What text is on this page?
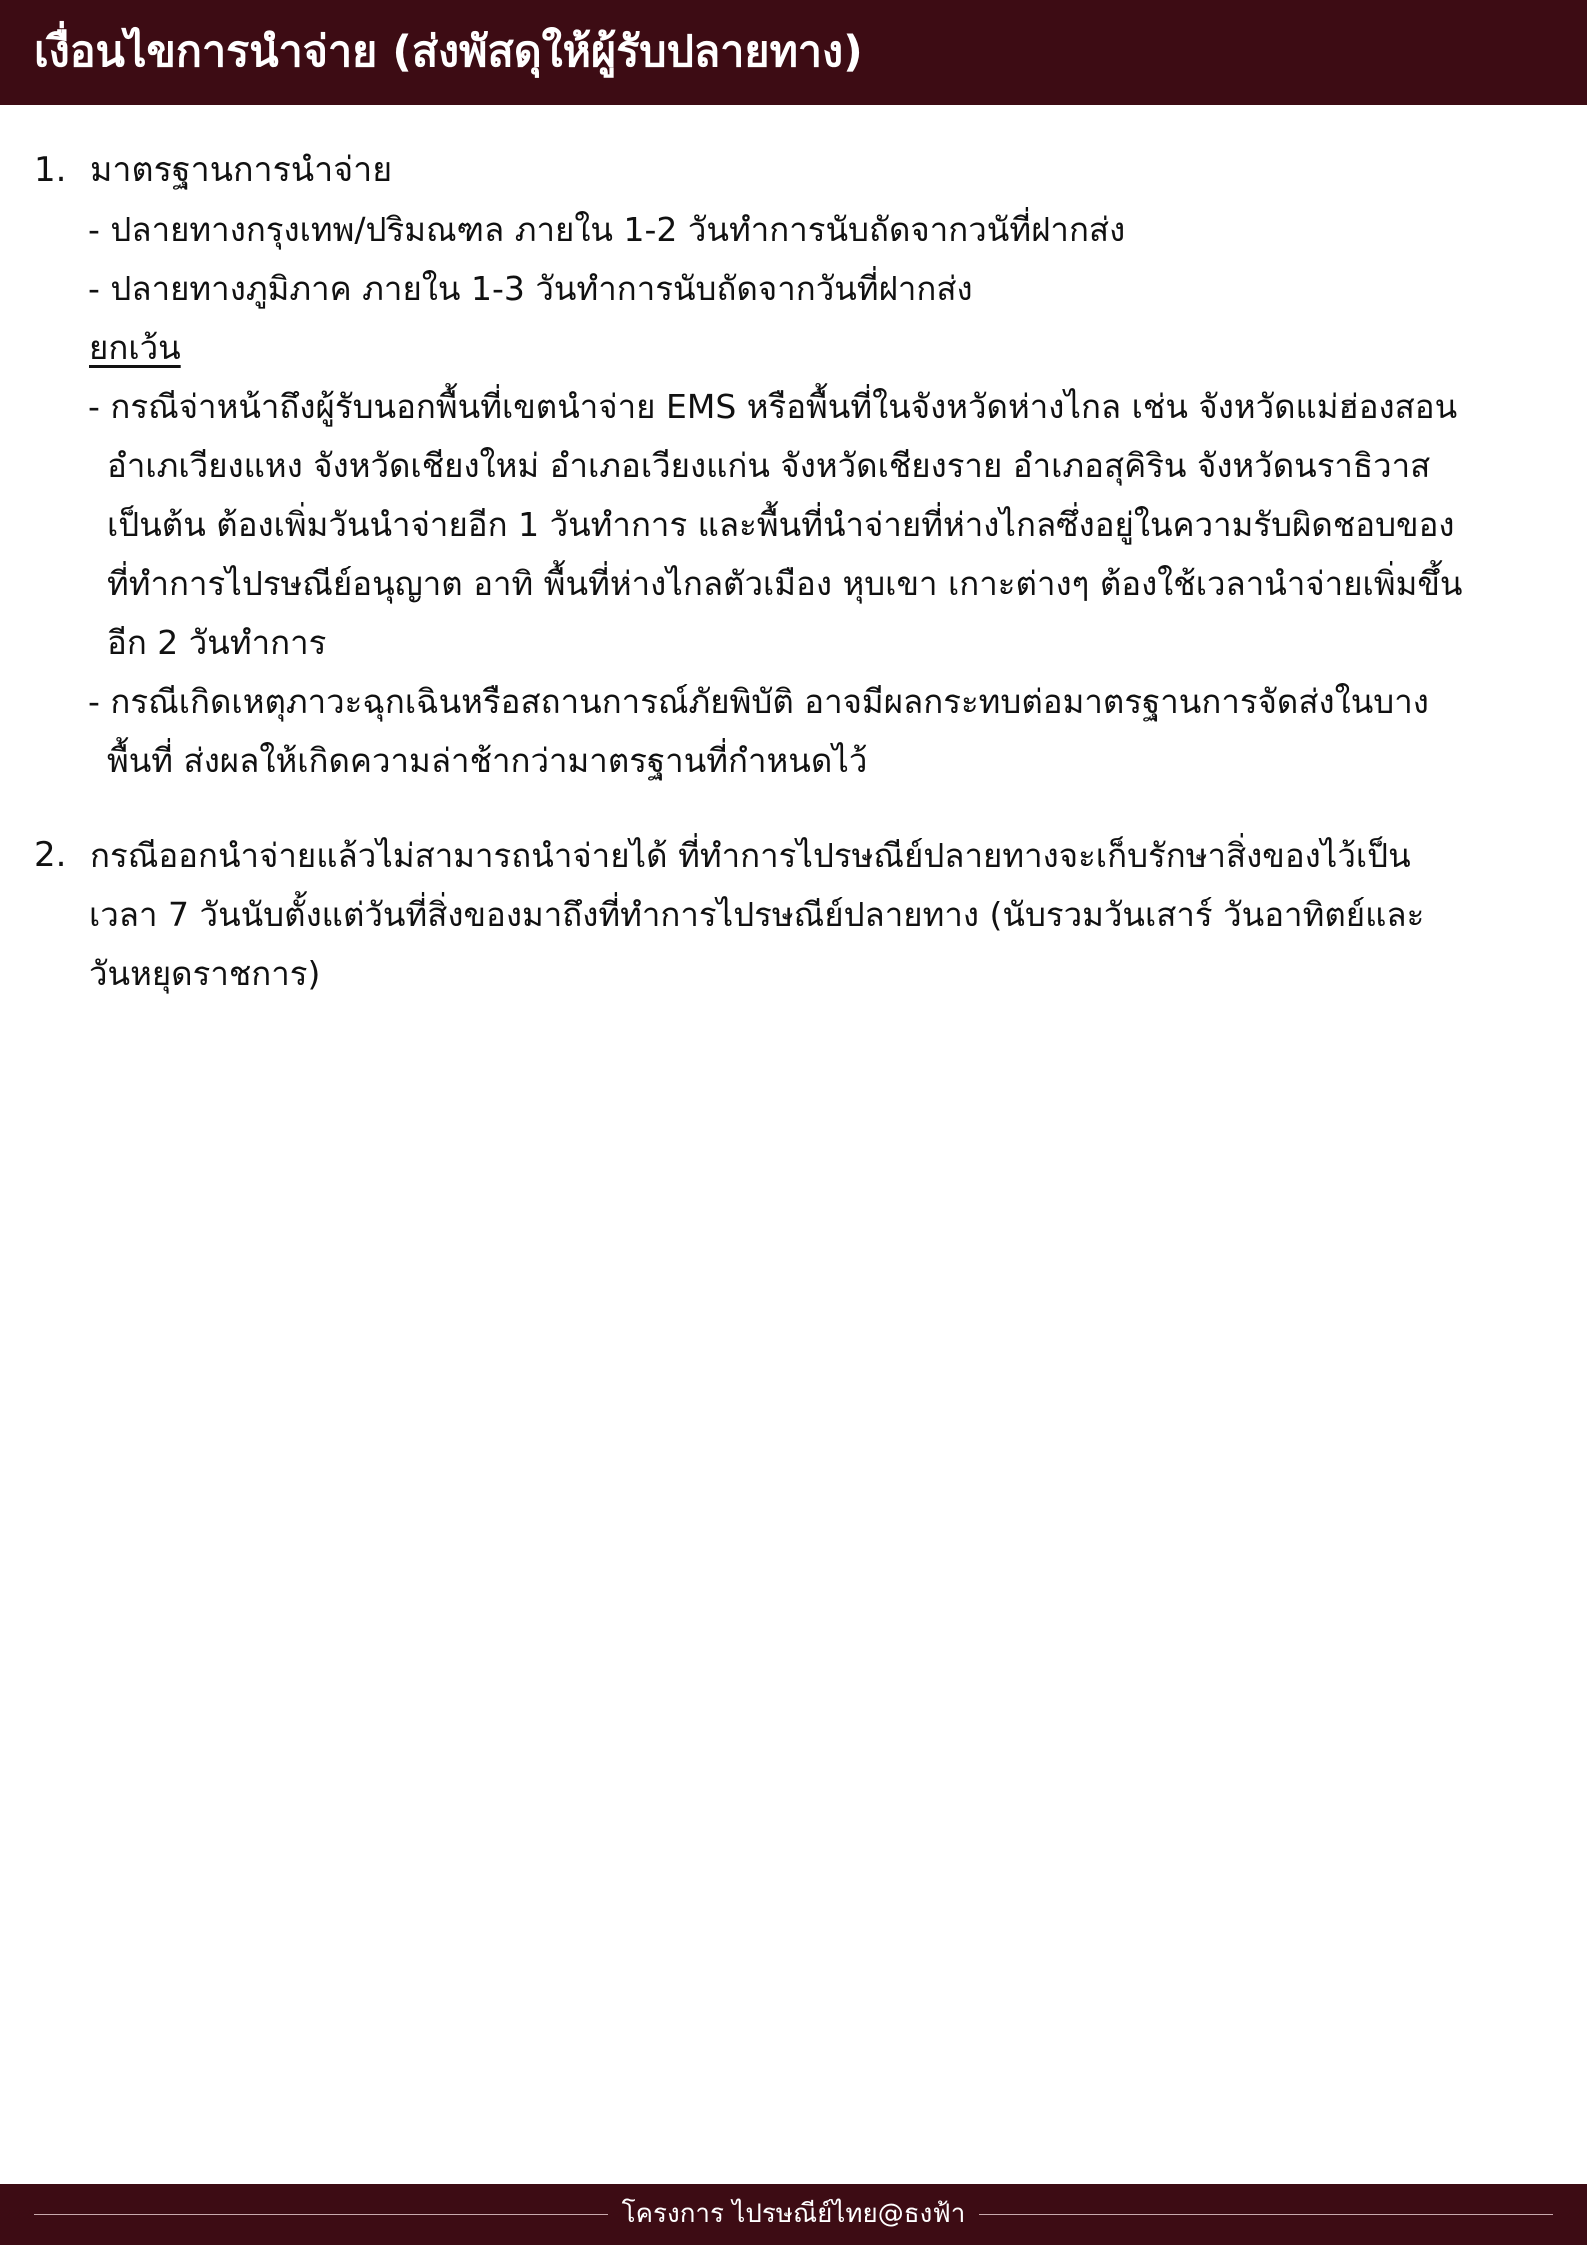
เงื่อนไขการนำจ่าย (ส่งพัสดุให้ผู้รับปลายทาง)
1. มาตรฐานการนำจ่าย
- ปลายทางกรุงเทพ/ปริมณฑล ภายใน 1-2 วันทำการนับถัดจากวนัที่ฝากส่ง
- ปลายทางภูมิภาค ภายใน 1-3 วันทำการนับถัดจากวันที่ฝากส่ง
ยกเว้น
- กรณีจ่าหน้าถึงผู้รับนอกพื้นที่เขตนำจ่าย EMS หรือพื้นที่ในจังหวัดห่างไกล เช่น จังหวัดแม่ฮ่องสอน
อำเภเวียงแหง จังหวัดเชียงใหม่ อำเภอเวียงแก่น จังหวัดเชียงราย อำเภอสุคิริน จังหวัดนราธิวาส
เป็นต้น ต้องเพิ่มวันนำจ่ายอีก 1 วันทำการ และพื้นที่นำจ่ายที่ห่างไกลซึ่งอยู่ในความรับผิดชอบของ
ที่ทำการไปรษณีย์อนุญาต อาทิ พื้นที่ห่างไกลตัวเมือง หุบเขา เกาะต่างๆ ต้องใช้เวลานำจ่ายเพิ่มขึ้น
อีก 2 วันทำการ
- กรณีเกิดเหตุภาวะฉุกเฉินหรือสถานการณ์ภัยพิบัติ อาจมีผลกระทบต่อมาตรฐานการจัดส่งในบาง
พื้นที่ ส่งผลให้เกิดความล่าช้ากว่ามาตรฐานที่กำหนดไว้
2. กรณีออกนำจ่ายแล้วไม่สามารถนำจ่ายได้ ที่ทำการไปรษณีย์ปลายทางจะเก็บรักษาสิ่งของไว้เป็น
เวลา 7 วันนับตั้งแต่วันที่สิ่งของมาถึงที่ทำการไปรษณีย์ปลายทาง (นับรวมวันเสาร์ วันอาทิตย์และ
วันหยุดราชการ)
โครงการ ไปรษณีย์ไทย@ธงฟ้า
